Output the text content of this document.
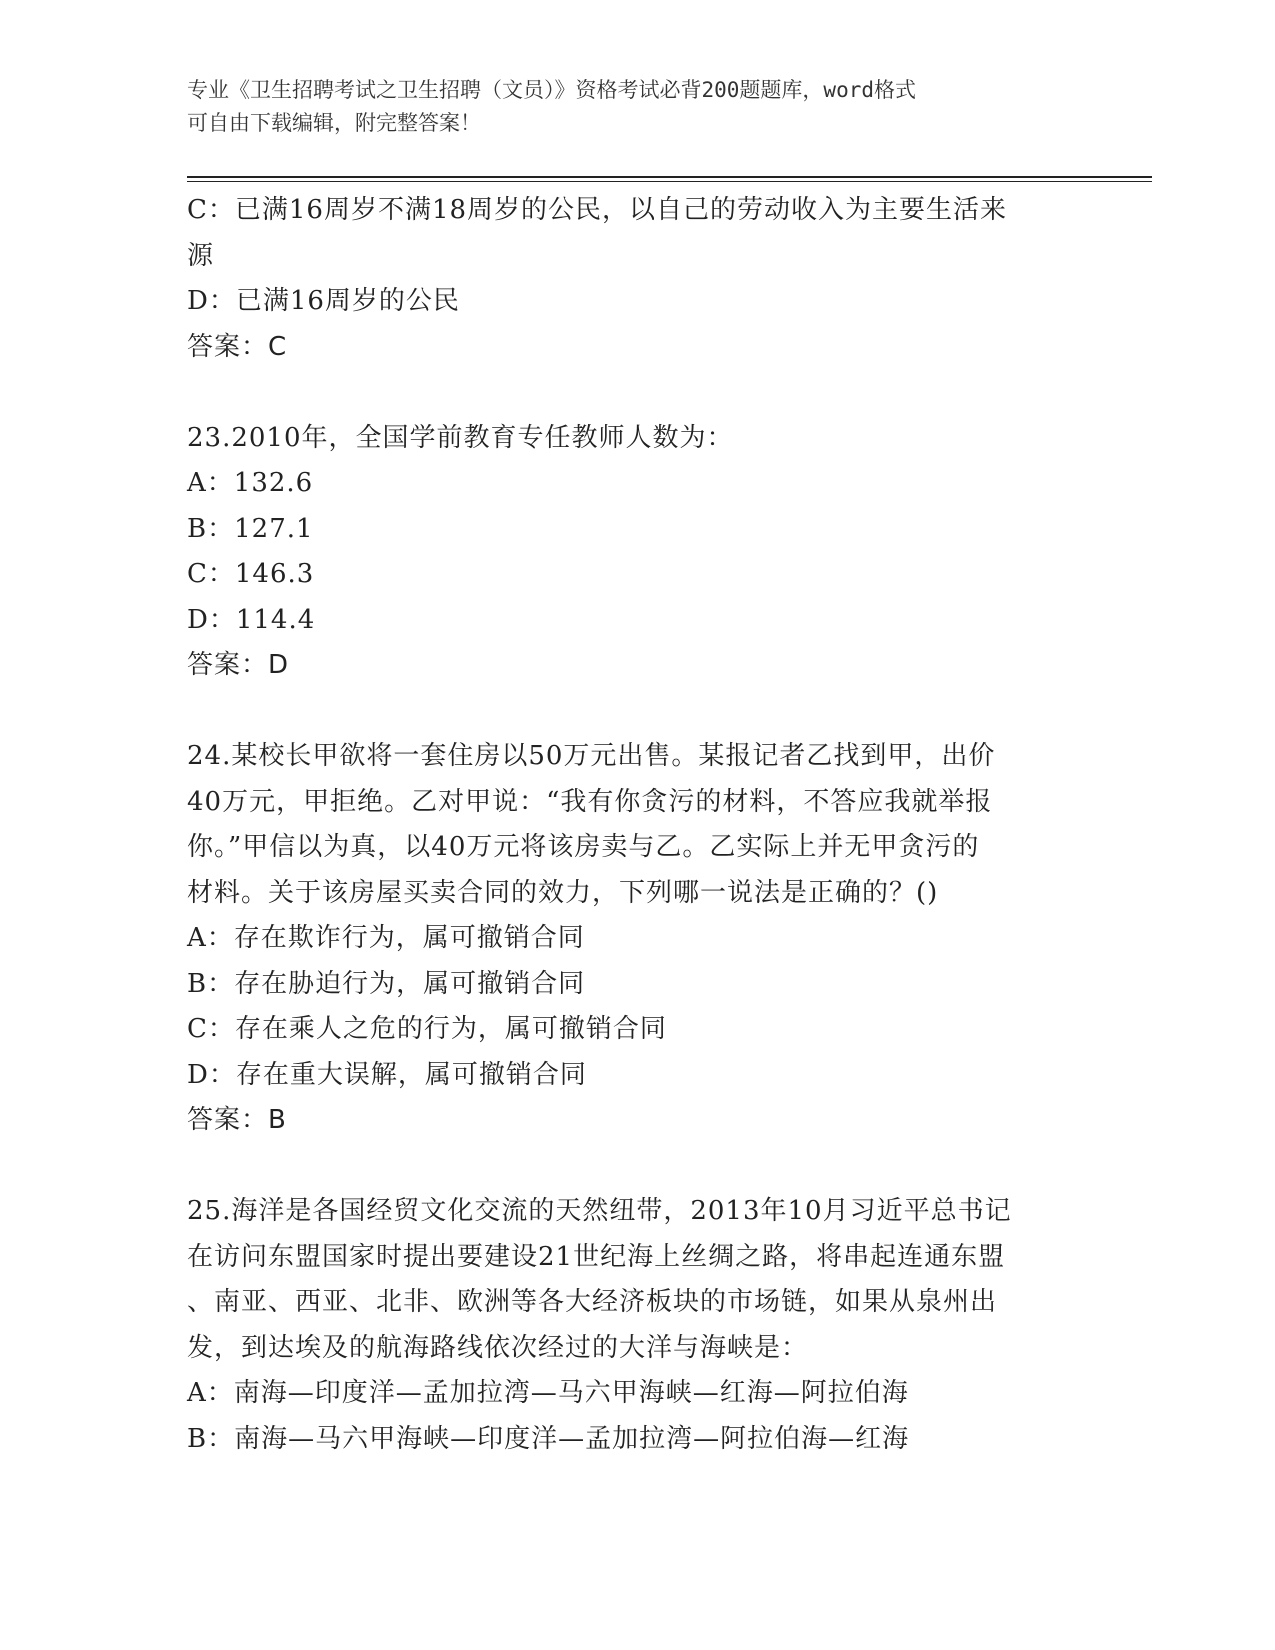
专业《卫生招聘考试之卫生招聘（文员）》资格考试必背200题题库，word格式
可自由下载编辑，附完整答案！
C：已满16周岁不满18周岁的公民，以自己的劳动收入为主要生活来
源
D：已满16周岁的公民
答案：C
23.2010年，全国学前教育专任教师人数为：
A：132.6
B：127.1
C：146.3
D：114.4
答案：D
24.某校长甲欲将一套住房以50万元出售。某报记者乙找到甲，出价
40万元，甲拒绝。乙对甲说：“我有你贪污的材料，不答应我就举报
你。”甲信以为真，以40万元将该房卖与乙。乙实际上并无甲贪污的
材料。关于该房屋买卖合同的效力，下列哪一说法是正确的？()
A：存在欺诈行为，属可撤销合同
B：存在胁迫行为，属可撤销合同
C：存在乘人之危的行为，属可撤销合同
D：存在重大误解，属可撤销合同
答案：B
25.海洋是各国经贸文化交流的天然纽带，2013年10月习近平总书记
在访问东盟国家时提出要建设21世纪海上丝绸之路，将串起连通东盟
、南亚、西亚、北非、欧洲等各大经济板块的市场链，如果从泉州出
发，到达埃及的航海路线依次经过的大洋与海峡是：
A：南海—印度洋—孟加拉湾—马六甲海峡—红海—阿拉伯海
B：南海—马六甲海峡—印度洋—孟加拉湾—阿拉伯海—红海
